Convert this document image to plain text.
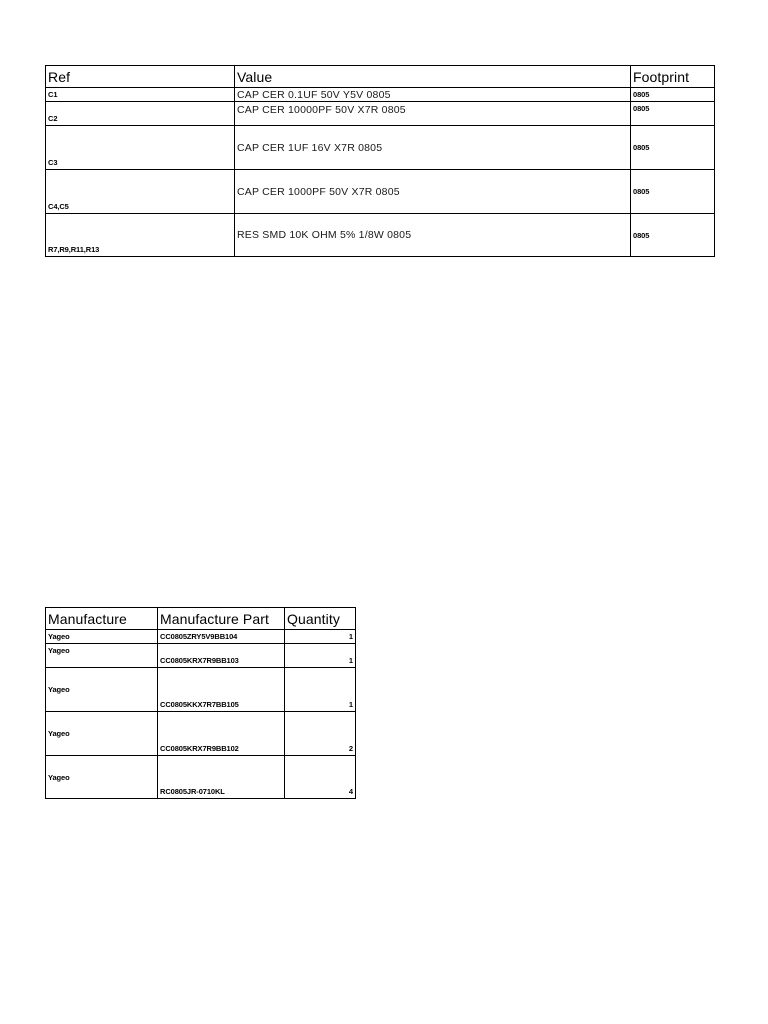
Ref	Value	Footprint
C1	CAP CER 0.1UF 50V Y5V 0805	0805
C2	CAP CER 10000PF 50V X7R 0805	0805
C3	CAP CER 1UF 16V X7R 0805	0805
C4,C5	CAP CER 1000PF 50V X7R 0805	0805
R7,R9,R11,R13	RES SMD 10K OHM 5% 1/8W 0805	0805
Manufacture	Manufacture Part	Quantity
Yageo	CC0805ZRY5V9BB104	1
Yageo	CC0805KRX7R9BB103	1
Yageo	CC0805KKX7R7BB105	1
Yageo	CC0805KRX7R9BB102	2
Yageo	RC0805JR-0710KL	4
